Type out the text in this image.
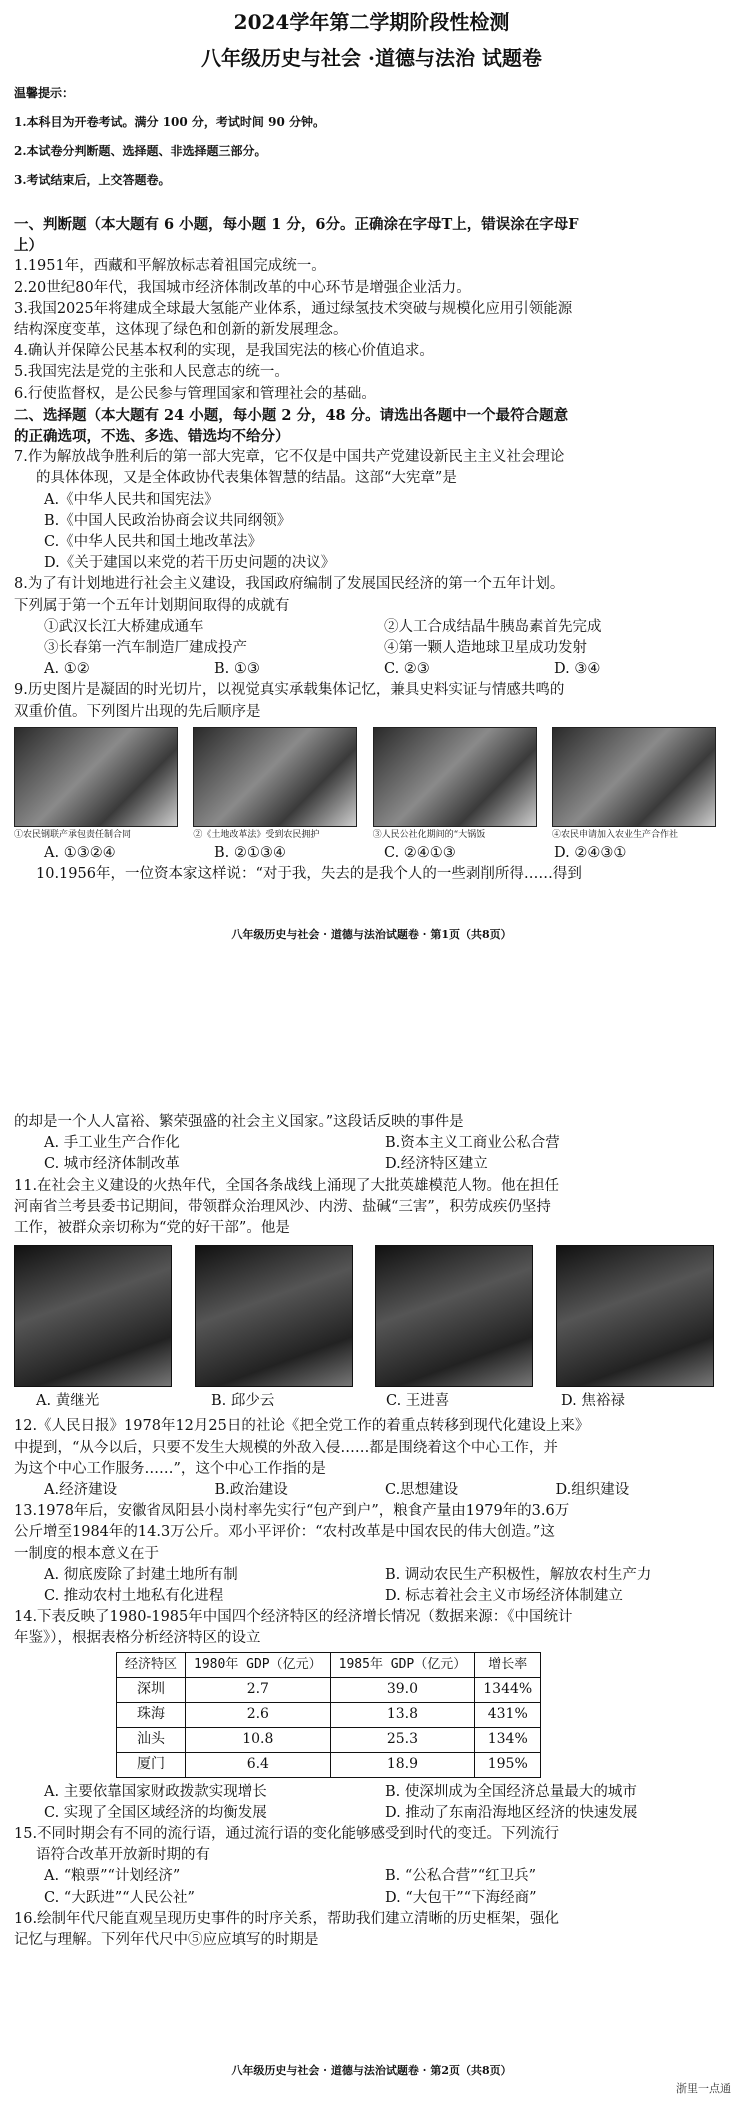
2024学年第二学期阶段性检测
八年级历史与社会 ·道德与法治 试题卷
温馨提示：
1.本科目为开卷考试。满分 100 分，考试时间 90 分钟。
2.本试卷分判断题、选择题、非选择题三部分。
3.考试结束后，上交答题卷。

一、判断题（本大题有 6 小题，每小题 1 分，6分。正确涂在字母T上，错误涂在字母F

上）

1.1951年，西藏和平解放标志着祖国完成统一。

2.20世纪80年代，我国城市经济体制改革的中心环节是增强企业活力。

3.我国2025年将建成全球最大氢能产业体系，通过绿氢技术突破与规模化应用引领能源

结构深度变革，这体现了绿色和创新的新发展理念。

4.确认并保障公民基本权利的实现，是我国宪法的核心价值追求。

5.我国宪法是党的主张和人民意志的统一。

6.行使监督权，是公民参与管理国家和管理社会的基础。

二、选择题（本大题有 24 小题，每小题 2 分，48 分。请选出各题中一个最符合题意

的正确选项，不选、多选、错选均不给分）

7.作为解放战争胜利后的第一部大宪章，它不仅是中国共产党建设新民主主义社会理论

的具体体现，又是全体政协代表集体智慧的结晶。这部“大宪章”是

A.《中华人民共和国宪法》

B.《中国人民政治协商会议共同纲领》

C.《中华人民共和国土地改革法》

D.《关于建国以来党的若干历史问题的决议》

8.为了有计划地进行社会主义建设，我国政府编制了发展国民经济的第一个五年计划。

下列属于第一个五年计划期间取得的成就有

①武汉长江大桥建成通车	②人工合成结晶牛胰岛素首先完成
③长春第一汽车制造厂建成投产	④第一颗人造地球卫星成功发射
A. ①②	B. ①③	C. ②③	D. ③④

9.历史图片是凝固的时光切片，以视觉真实承载集体记忆，兼具史料实证与情感共鸣的

双重价值。下列图片出现的先后顺序是

①农民钢联产承包责任制合同	②《土地改革法》受到农民拥护	③人民公社化期间的“大锅饭	④农民申请加入农业生产合作社
A. ①③②④	B. ②①③④	C. ②④①③	D. ②④③①

10.1956年，一位资本家这样说：“对于我，失去的是我个人的一些剥削所得……得到

八年级历史与社会 · 道德与法治试题卷 · 第1页（共8页）

的却是一个人人富裕、繁荣强盛的社会主义国家。”这段话反映的事件是

A. 手工业生产合作化	B.资本主义工商业公私合营
C. 城市经济体制改革	D.经济特区建立

11.在社会主义建设的火热年代，全国各条战线上涌现了大批英雄模范人物。他在担任

河南省兰考县委书记期间，带领群众治理风沙、内涝、盐碱“三害”，积劳成疾仍坚持

工作，被群众亲切称为“党的好干部”。他是

A. 黄继光	B. 邱少云	C. 王进喜	D. 焦裕禄

12.《人民日报》1978年12月25日的社论《把全党工作的着重点转移到现代化建设上来》

中提到，“从今以后，只要不发生大规模的外敌入侵……都是围绕着这个中心工作，并

为这个中心工作服务……”，这个中心工作指的是

A.经济建设	B.政治建设	C.思想建设	D.组织建设

13.1978年后，安徽省凤阳县小岗村率先实行“包产到户”，粮食产量由1979年的3.6万

公斤增至1984年的14.3万公斤。邓小平评价：“农村改革是中国农民的伟大创造。”这

一制度的根本意义在于

A. 彻底废除了封建土地所有制	B. 调动农民生产积极性，解放农村生产力
C. 推动农村土地私有化进程	D. 标志着社会主义市场经济体制建立

14.下表反映了1980-1985年中国四个经济特区的经济增长情况（数据来源：《中国统计

年鉴》），根据表格分析经济特区的设立

经济特区	1980年 GDP（亿元）	1985年 GDP（亿元）	增长率
深圳	2.7	39.0	1344%
珠海	2.6	13.8	431%
汕头	10.8	25.3	134%
厦门	6.4	18.9	195%
A. 主要依靠国家财政拨款实现增长	B. 使深圳成为全国经济总量最大的城市
C. 实现了全国区域经济的均衡发展	D. 推动了东南沿海地区经济的快速发展

15.不同时期会有不同的流行语，通过流行语的变化能够感受到时代的变迁。下列流行

语符合改革开放新时期的有

A. “粮票”“计划经济”	B. “公私合营”“红卫兵”
C. “大跃进”“人民公社”	D. “大包干”“下海经商”

16.绘制年代尺能直观呈现历史事件的时序关系，帮助我们建立清晰的历史框架，强化

记忆与理解。下列年代尺中⑤应应填写的时期是

八年级历史与社会 · 道德与法治试题卷 · 第2页（共8页）
浙里一点通
